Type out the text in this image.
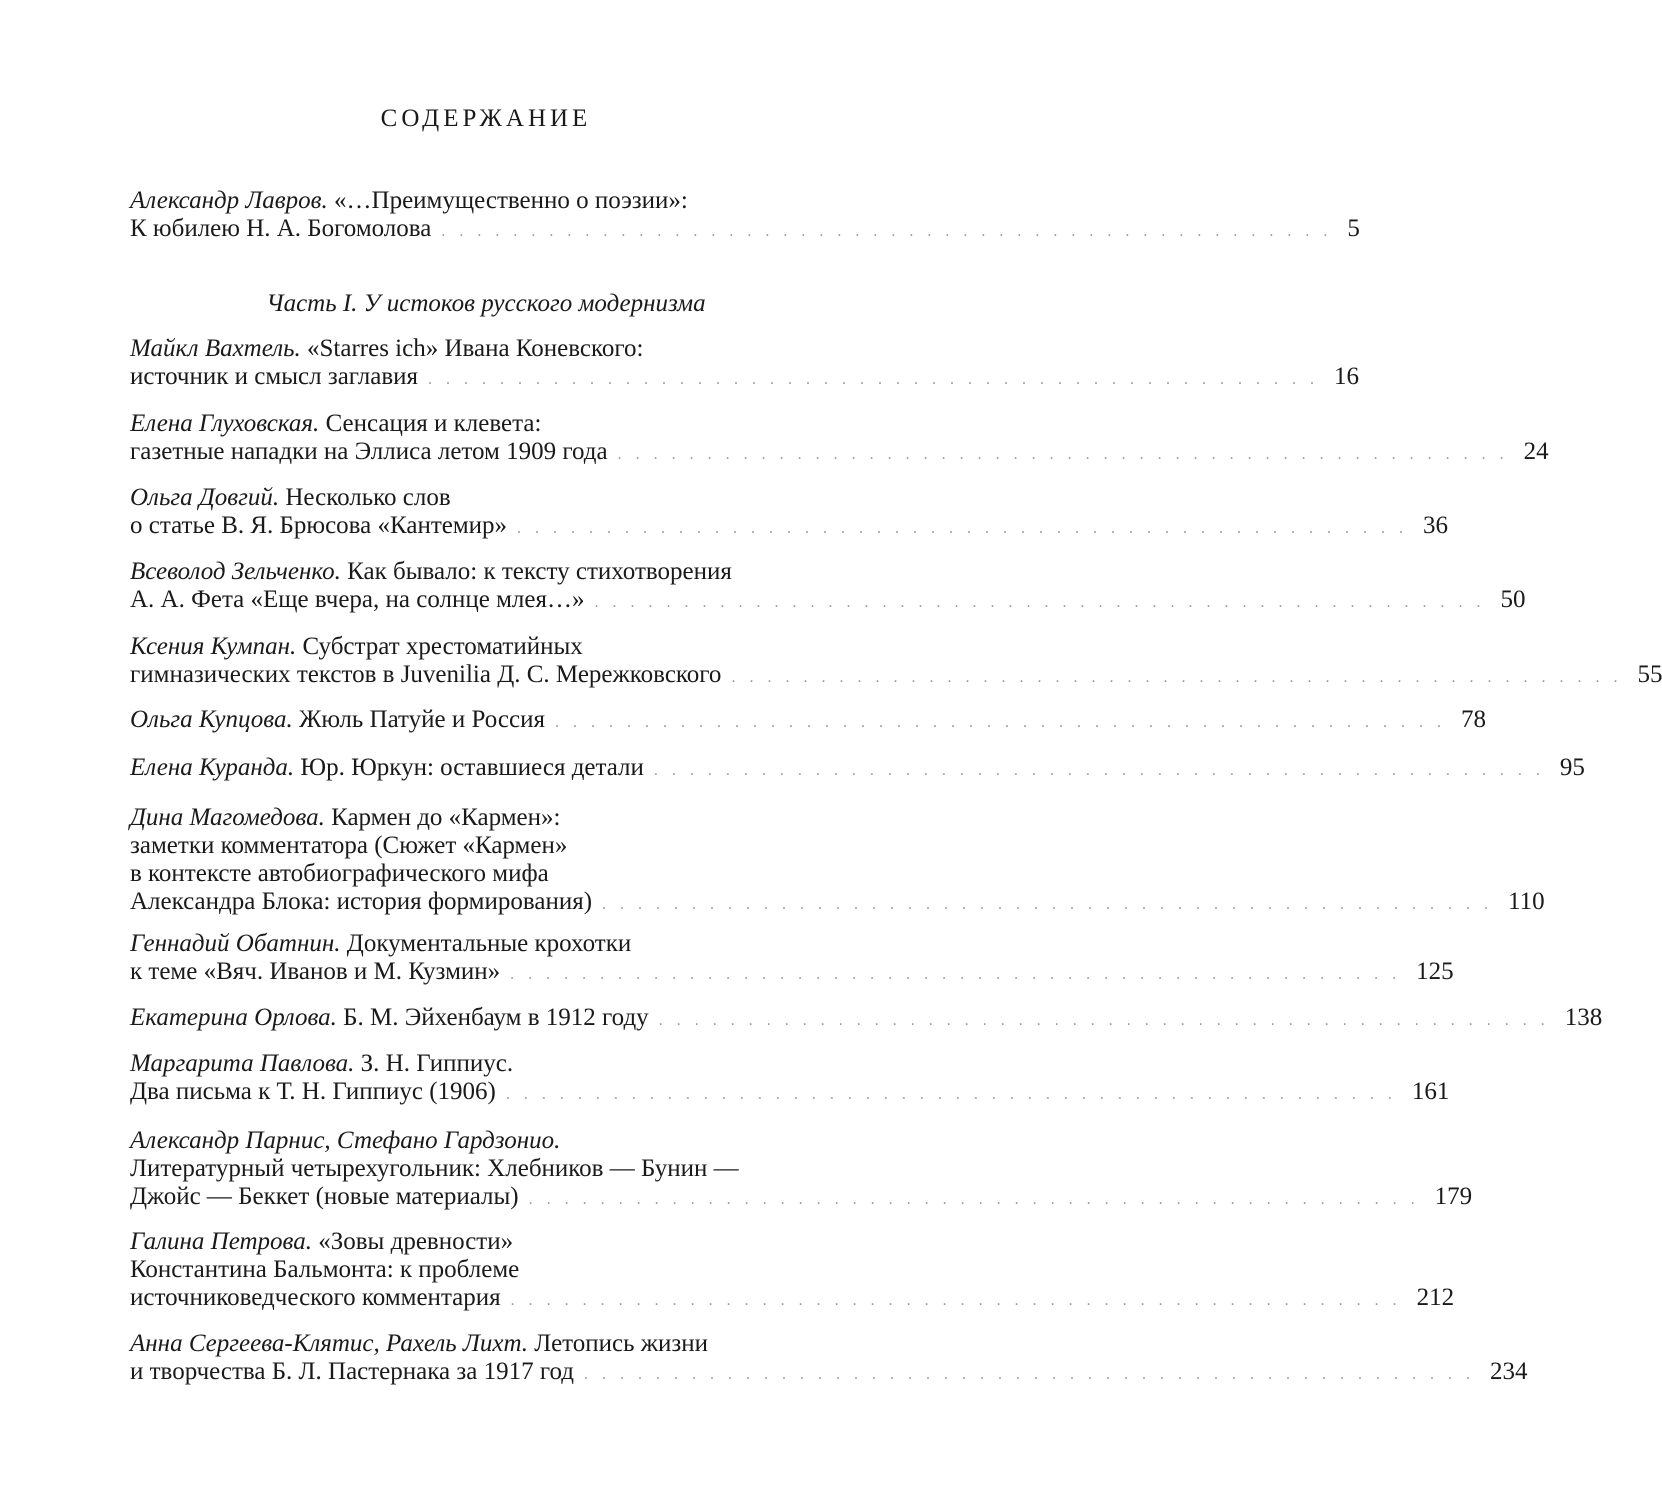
СОДЕРЖАНИЕ
Александр Лавров. «…Преимущественно о поэзии»:
К юбилею Н. А. Богомолова .................................................. 5
Часть I. У истоков русского модернизма
Майкл Вахтель. «Starres ich» Ивана Коневского:
источник и смысл заглавия .................................................. 16
Елена Глуховская. Сенсация и клевета:
газетные нападки на Эллиса летом 1909 года .................................................. 24
Ольга Довгий. Несколько слов
о статье В. Я. Брюсова «Кантемир» .................................................. 36
Всеволод Зельченко. Как бывало: к тексту стихотворения
А. А. Фета «Еще вчера, на солнце млея…» .................................................. 50
Ксения Кумпан. Субстрат хрестоматийных
гимназических текстов в Juvenilia Д. С. Мережковского .................................................. 55
Ольга Купцова. Жюль Патуйе и Россия .................................................. 78
Елена Куранда. Юр. Юркун: оставшиеся детали .................................................. 95
Дина Магомедова. Кармен до «Кармен»:
заметки комментатора (Сюжет «Кармен»
в контексте автобиографического мифа
Александра Блока: история формирования) .................................................. 110
Геннадий Обатнин. Документальные крохотки
к теме «Вяч. Иванов и М. Кузмин» .................................................. 125
Екатерина Орлова. Б. М. Эйхенбаум в 1912 году .................................................. 138
Маргарита Павлова. З. Н. Гиппиус.
Два письма к Т. Н. Гиппиус (1906) .................................................. 161
Александр Парнис, Стефано Гардзонио.
Литературный четырехугольник: Хлебников — Бунин —
Джойс — Беккет (новые материалы) .................................................. 179
Галина Петрова. «Зовы древности»
Константина Бальмонта: к проблеме
источниковедческого комментария .................................................. 212
Анна Сергеева-Клятис, Рахель Лихт. Летопись жизни
и творчества Б. Л. Пастернака за 1917 год .................................................. 234
